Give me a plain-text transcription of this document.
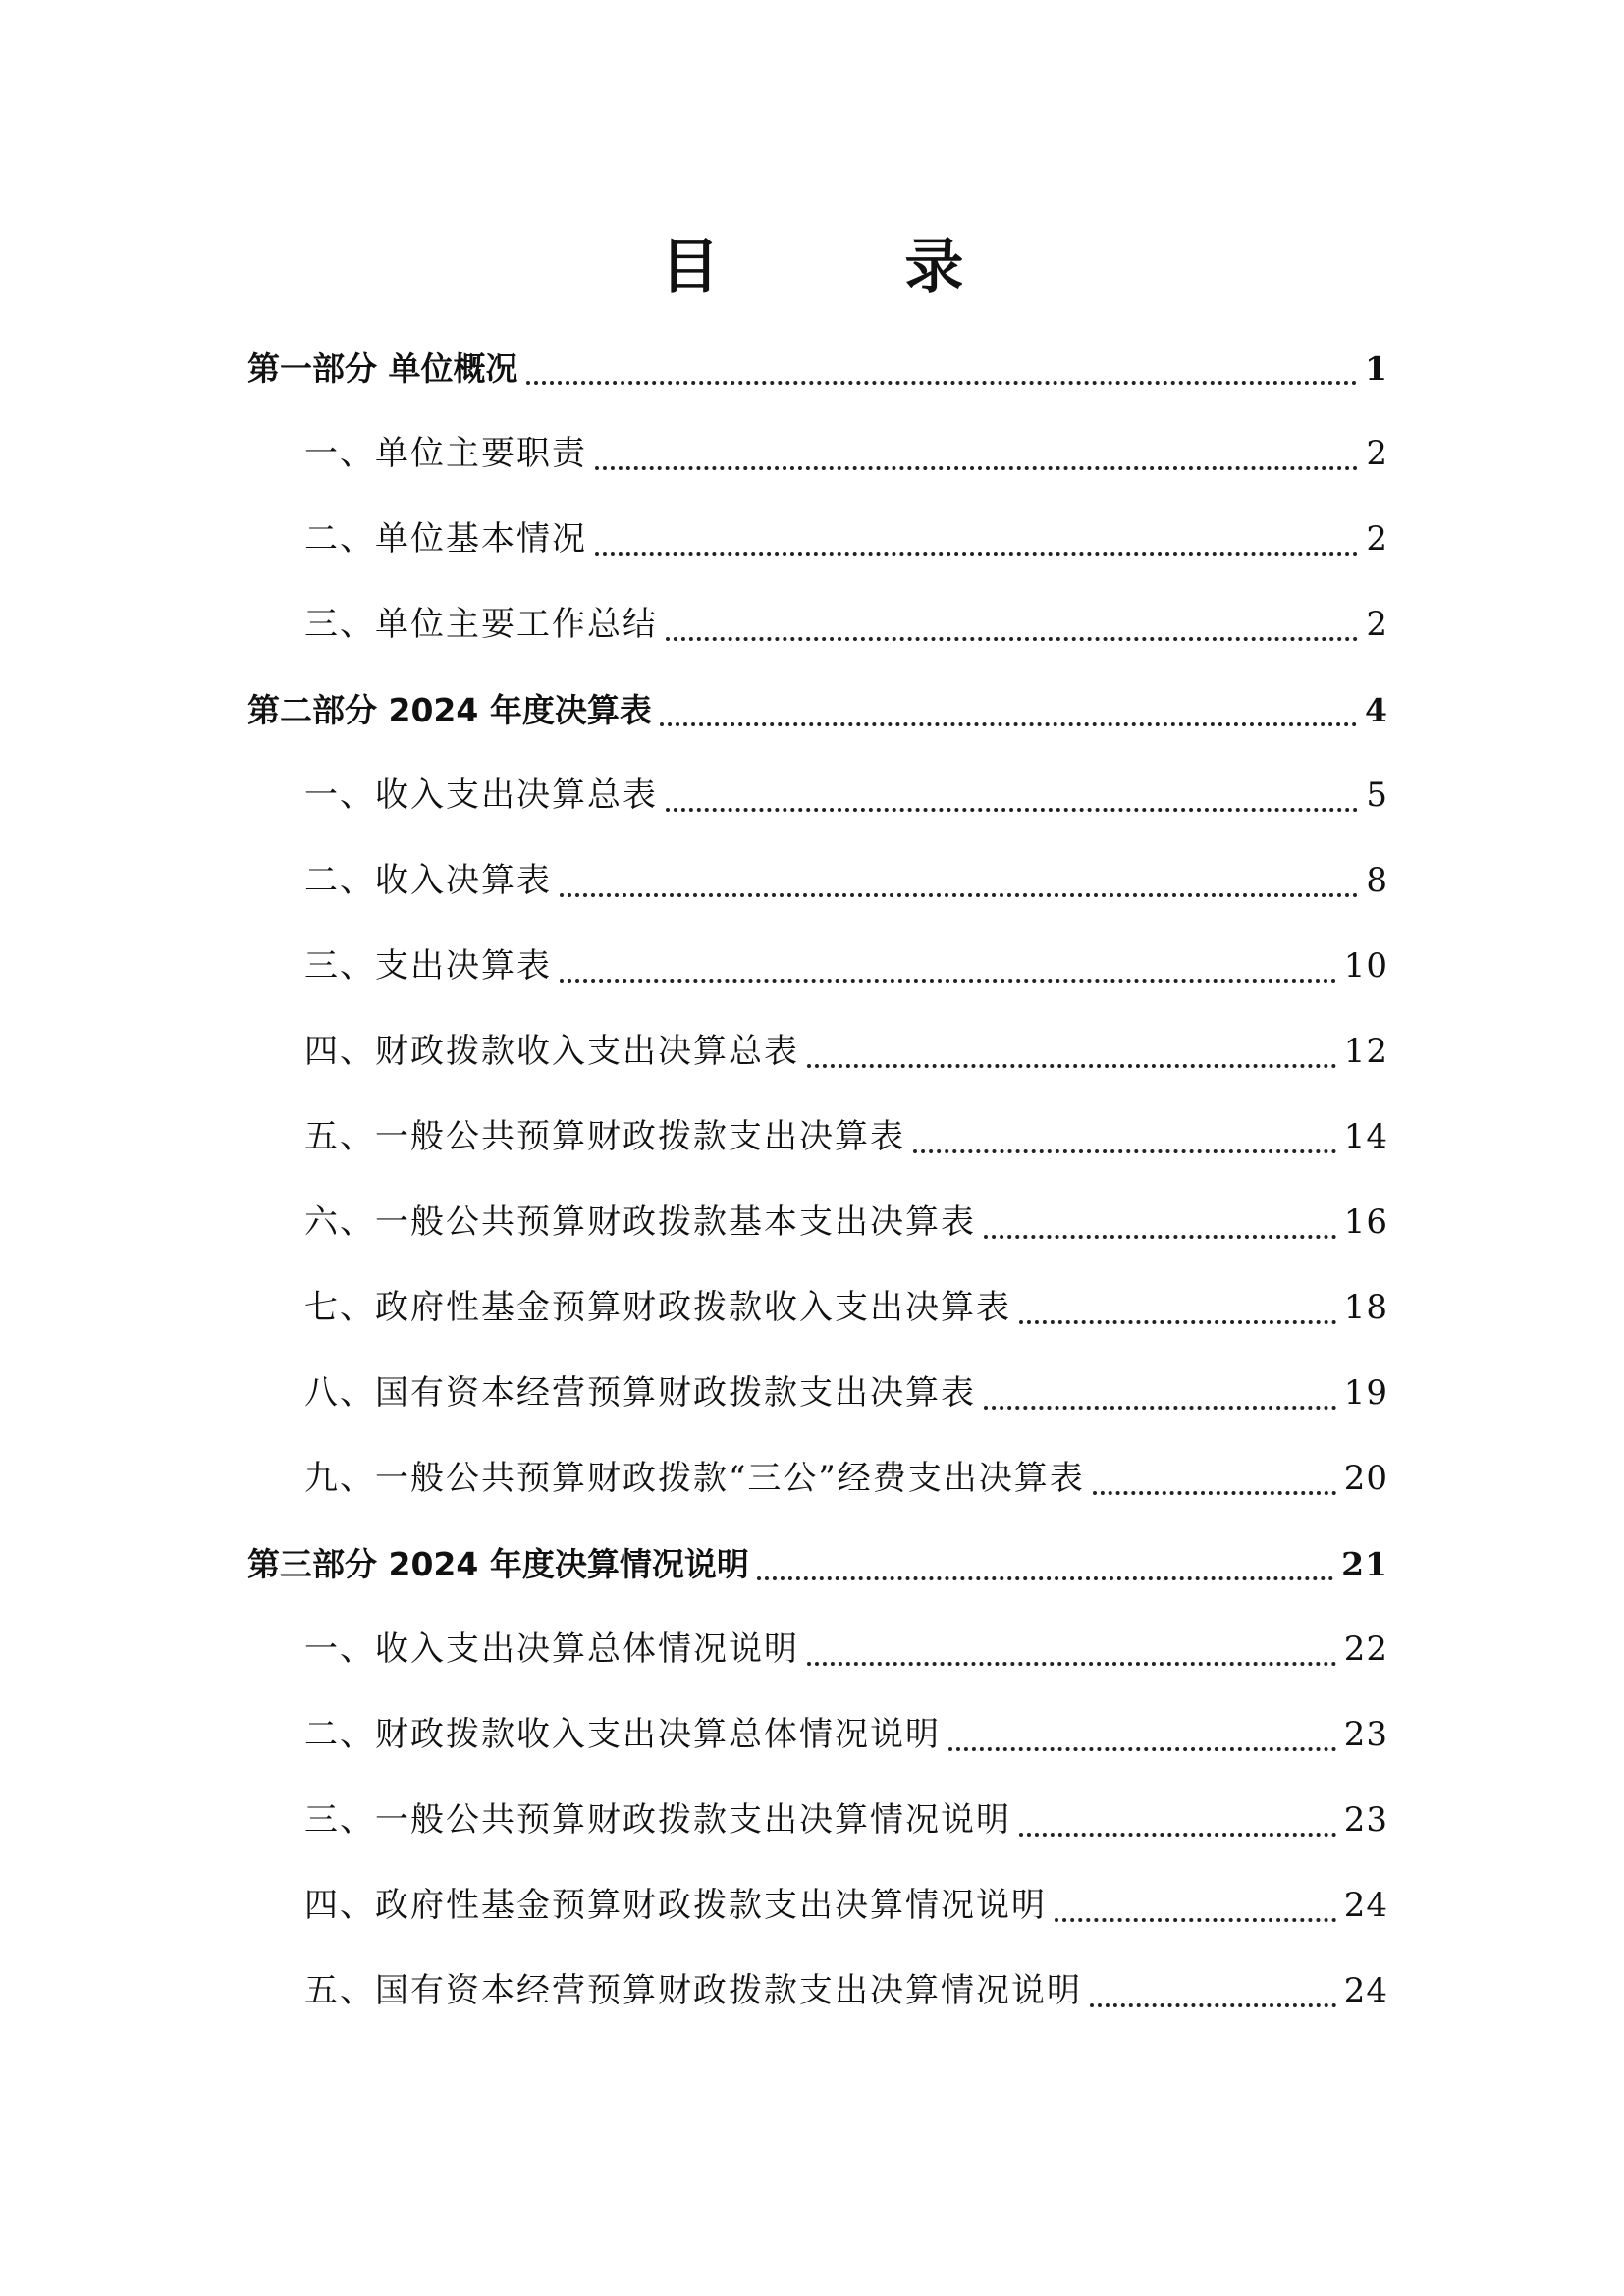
目 录
第一部分 单位概况	1
一、单位主要职责	2
二、单位基本情况	2
三、单位主要工作总结	2
第二部分 2024 年度决算表	4
一、收入支出决算总表	5
二、收入决算表	8
三、支出决算表	10
四、财政拨款收入支出决算总表	12
五、一般公共预算财政拨款支出决算表	14
六、一般公共预算财政拨款基本支出决算表	16
七、政府性基金预算财政拨款收入支出决算表	18
八、国有资本经营预算财政拨款支出决算表	19
九、一般公共预算财政拨款“三公”经费支出决算表	20
第三部分 2024 年度决算情况说明	21
一、收入支出决算总体情况说明	22
二、财政拨款收入支出决算总体情况说明	23
三、一般公共预算财政拨款支出决算情况说明	23
四、政府性基金预算财政拨款支出决算情况说明	24
五、国有资本经营预算财政拨款支出决算情况说明	24
